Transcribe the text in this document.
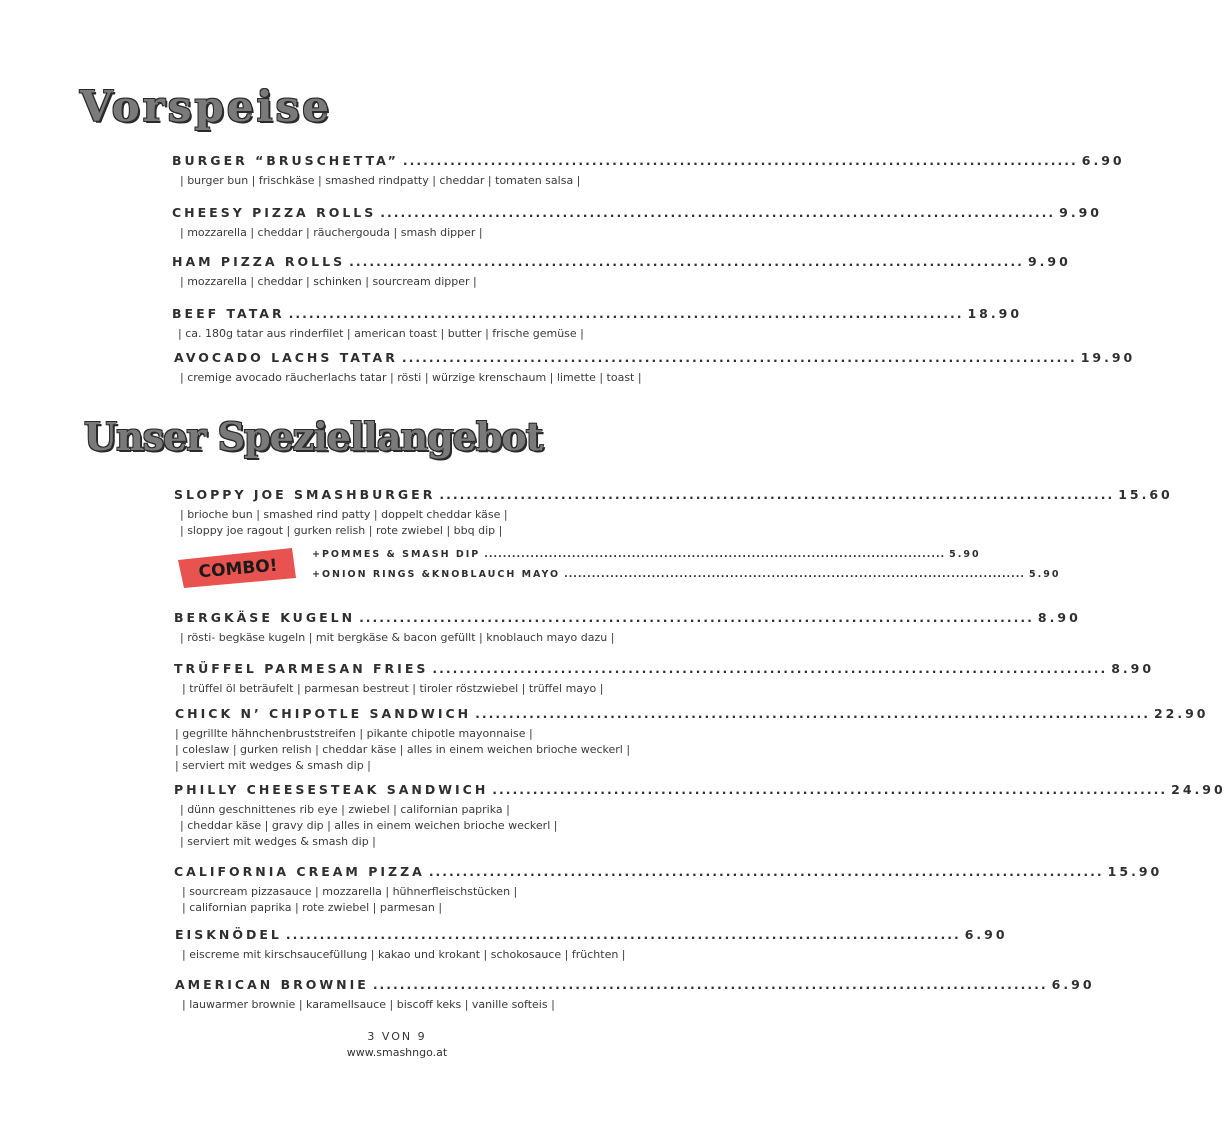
Vorspeise
BURGER “BRUSCHETTA” .................................................................................................... 6.90
| burger bun | frischkäse | smashed rindpatty | cheddar | tomaten salsa |
CHEESY PIZZA ROLLS .................................................................................................... 9.90
| mozzarella | cheddar | räuchergouda | smash dipper |
HAM PIZZA ROLLS .................................................................................................... 9.90
| mozzarella | cheddar | schinken | sourcream dipper |
BEEF TATAR .................................................................................................... 18.90
| ca. 180g tatar aus rinderfilet | american toast | butter | frische gemüse |
AVOCADO LACHS TATAR .................................................................................................... 19.90
| cremige avocado räucherlachs tatar | rösti | würzige krenschaum | limette | toast |
Unser Speziellangebot
SLOPPY JOE SMASHBURGER .................................................................................................... 15.60
| brioche bun | smashed rind patty | doppelt cheddar käse |
| sloppy joe ragout | gurken relish | rote zwiebel | bbq dip |
COMBO!
+POMMES & SMASH DIP .................................................................................................... 5.90
+ONION RINGS &KNOBLAUCH MAYO .................................................................................................... 5.90
BERGKÄSE KUGELN .................................................................................................... 8.90
| rösti- begkäse kugeln | mit bergkäse & bacon gefüllt | knoblauch mayo dazu |
TRÜFFEL PARMESAN FRIES .................................................................................................... 8.90
| trüffel öl beträufelt | parmesan bestreut | tiroler röstzwiebel | trüffel mayo |
CHICK N’ CHIPOTLE SANDWICH .................................................................................................... 22.90
| gegrillte hähnchenbruststreifen | pikante chipotle mayonnaise |
| coleslaw | gurken relish | cheddar käse | alles in einem weichen brioche weckerl |
| serviert mit wedges & smash dip |
PHILLY CHEESESTEAK SANDWICH .................................................................................................... 24.90
| dünn geschnittenes rib eye | zwiebel | californian paprika |
| cheddar käse | gravy dip | alles in einem weichen brioche weckerl |
| serviert mit wedges & smash dip |
CALIFORNIA CREAM PIZZA .................................................................................................... 15.90
| sourcream pizzasauce | mozzarella | hühnerfleischstücken |
| californian paprika | rote zwiebel | parmesan |
EISKNÖDEL .................................................................................................... 6.90
| eiscreme mit kirschsaucefüllung | kakao und krokant | schokosauce | früchten |
AMERICAN BROWNIE .................................................................................................... 6.90
| lauwarmer brownie | karamellsauce | biscoff keks | vanille softeis |
3 VON 9
www.smashngo.at
